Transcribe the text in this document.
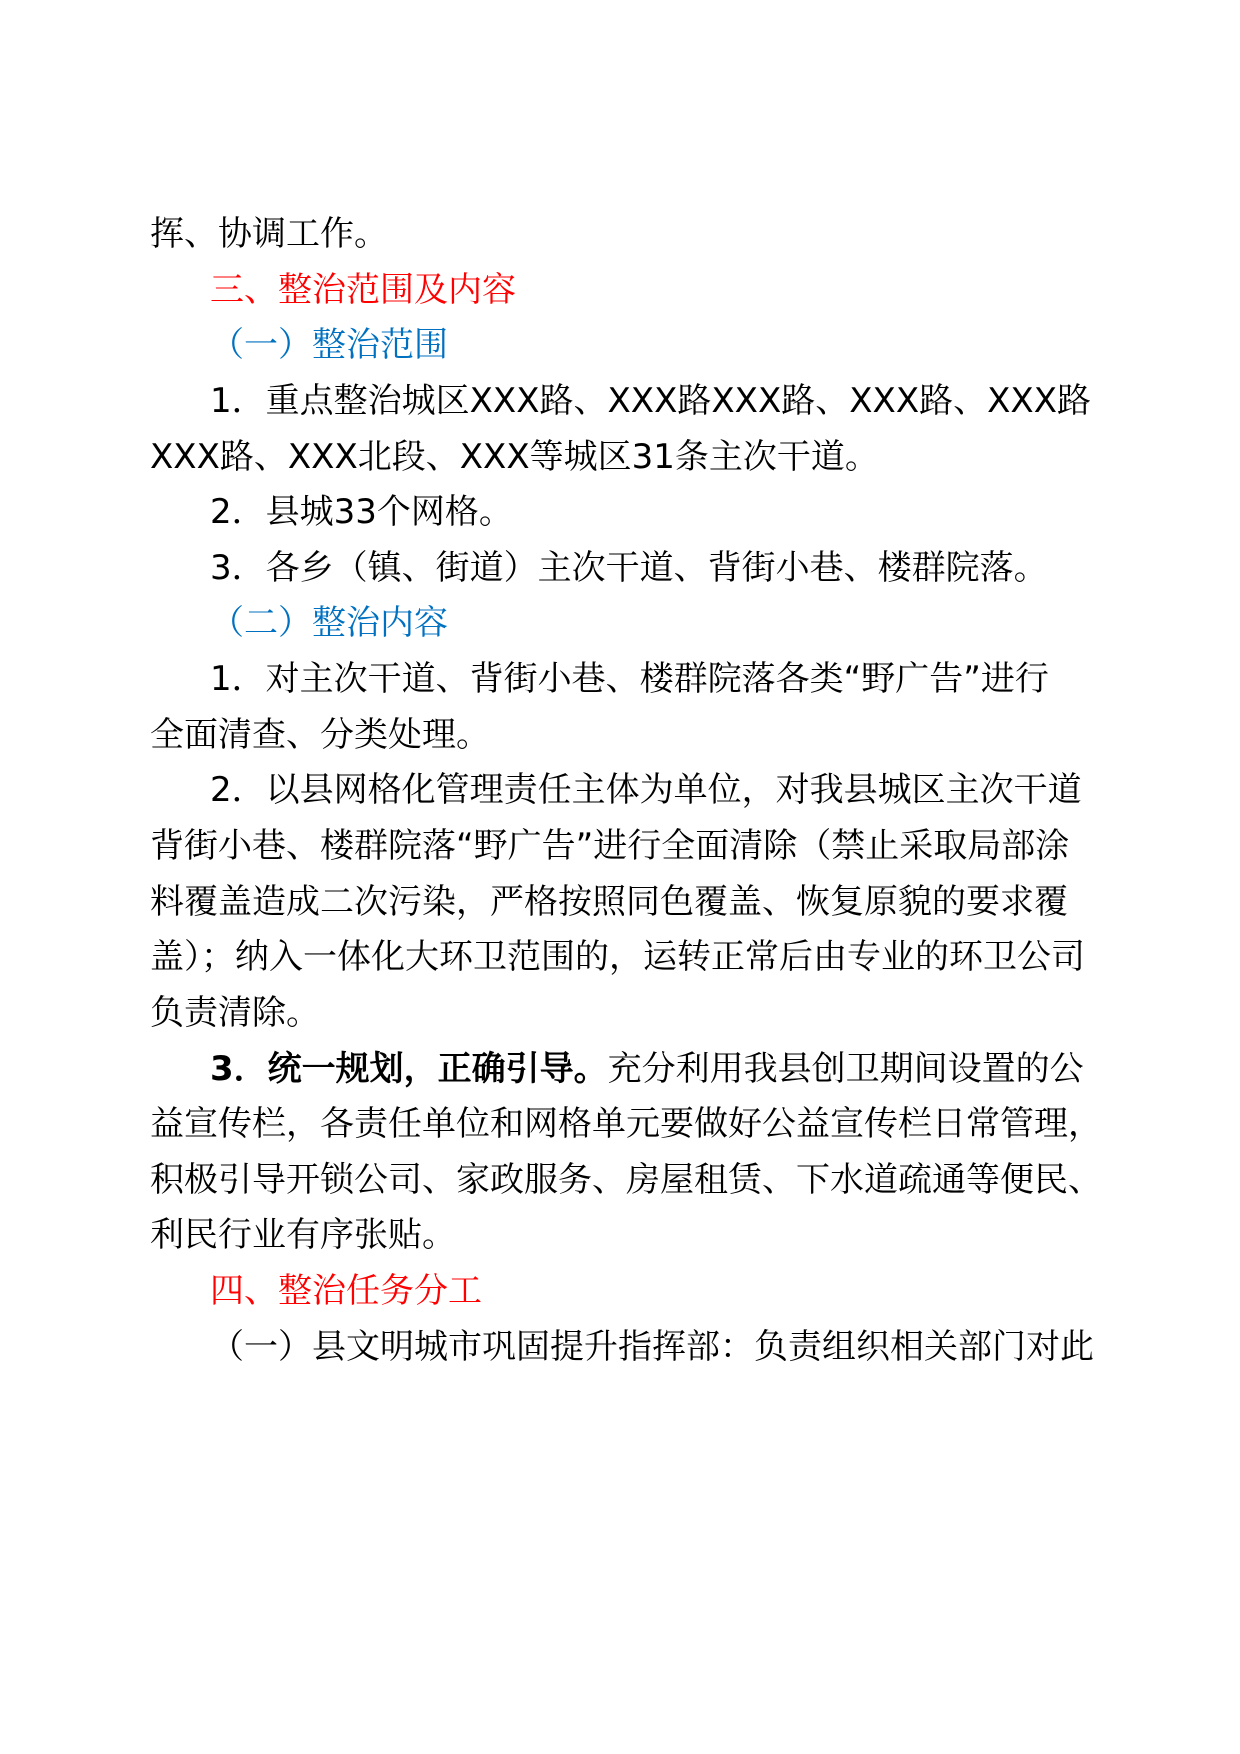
挥、协调工作。
三、整治范围及内容
（一）整治范围
1．重点整治城区XXX路、XXX路XXX路、XXX路、XXX路
XXX路、XXX北段、XXX等城区31条主次干道。
2．县城33个网格。
3．各乡（镇、街道）主次干道、背街小巷、楼群院落。
（二）整治内容
1．对主次干道、背街小巷、楼群院落各类“野广告”进行
全面清查、分类处理。
2．以县网格化管理责任主体为单位，对我县城区主次干道
背街小巷、楼群院落“野广告”进行全面清除（禁止采取局部涂
料覆盖造成二次污染，严格按照同色覆盖、恢复原貌的要求覆
盖）；纳入一体化大环卫范围的，运转正常后由专业的环卫公司
负责清除。
3．统一规划，正确引导。充分利用我县创卫期间设置的公
益宣传栏，各责任单位和网格单元要做好公益宣传栏日常管理，
积极引导开锁公司、家政服务、房屋租赁、下水道疏通等便民、
利民行业有序张贴。
四、整治任务分工
（一）县文明城市巩固提升指挥部：负责组织相关部门对此
